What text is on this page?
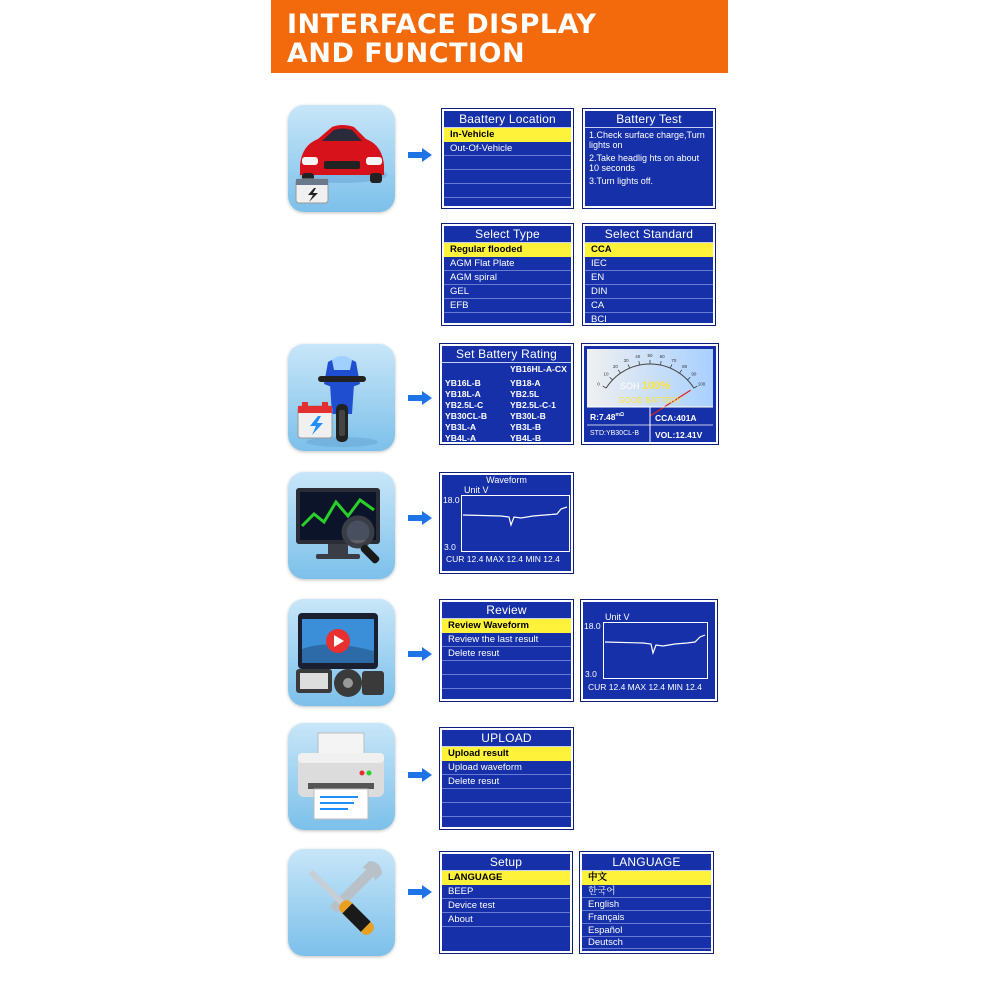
INTERFACE DISPLAY
AND FUNCTION
Baattery Location
In-Vehicle
Out-Of-Vehicle
Battery Test

1.Check surface charge,Turn lights on

2.Take headlig hts on about 10 seconds

3.Turn lights off.

Select Type
Regular flooded
AGM Flat Plate
AGM spiral
GEL
EFB
Select Standard
CCA
IEC
EN
DIN
CA
BCI
Set Battery Rating
YB16HL-A-CX
YB16L-B	YB18-A
YB18L-A	YB2.5L
YB2.5L-C	YB2.5L-C-1
YB30CL-B	YB30L-B
YB3L-A	YB3L-B
YB4L-A	YB4L-B
0
10
20
30
40 50 60
70
80
90
100
SOH 100%
GOOD BATTERY
$R:7.48^{m\Omega}$	CCA:401A
STD:YB30CL-B VOL:12.41V
Waveform
Unit V
18.0
3.0
CUR 12.4 MAX 12.4 MIN 12.4
Review
Review Waveform
Review the last result
Delete resut
Unit V
18.0
3.0
CUR 12.4 MAX 12.4 MIN 12.4
UPLOAD
Upload result
Upload waveform
Delete resut
Setup
LANGUAGE
BEEP
Device test
About
LANGUAGE
中文
한국어
English
Français
Español
Deutsch
